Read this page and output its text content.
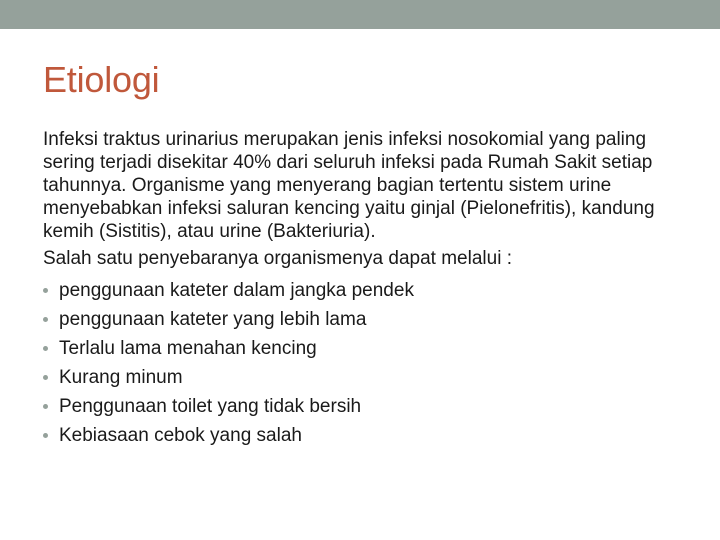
Etiologi

Infeksi traktus urinarius merupakan jenis infeksi nosokomial yang paling sering terjadi disekitar 40% dari seluruh infeksi pada Rumah Sakit setiap tahunnya. Organisme yang menyerang bagian tertentu sistem urine menyebabkan infeksi saluran kencing yaitu ginjal (Pielonefritis), kandung kemih (Sistitis), atau urine (Bakteriuria).

Salah satu penyebaranya organismenya dapat melalui :

penggunaan kateter dalam jangka pendek
penggunaan kateter yang lebih lama
Terlalu lama menahan kencing
Kurang minum
Penggunaan toilet yang tidak bersih
Kebiasaan cebok yang salah
